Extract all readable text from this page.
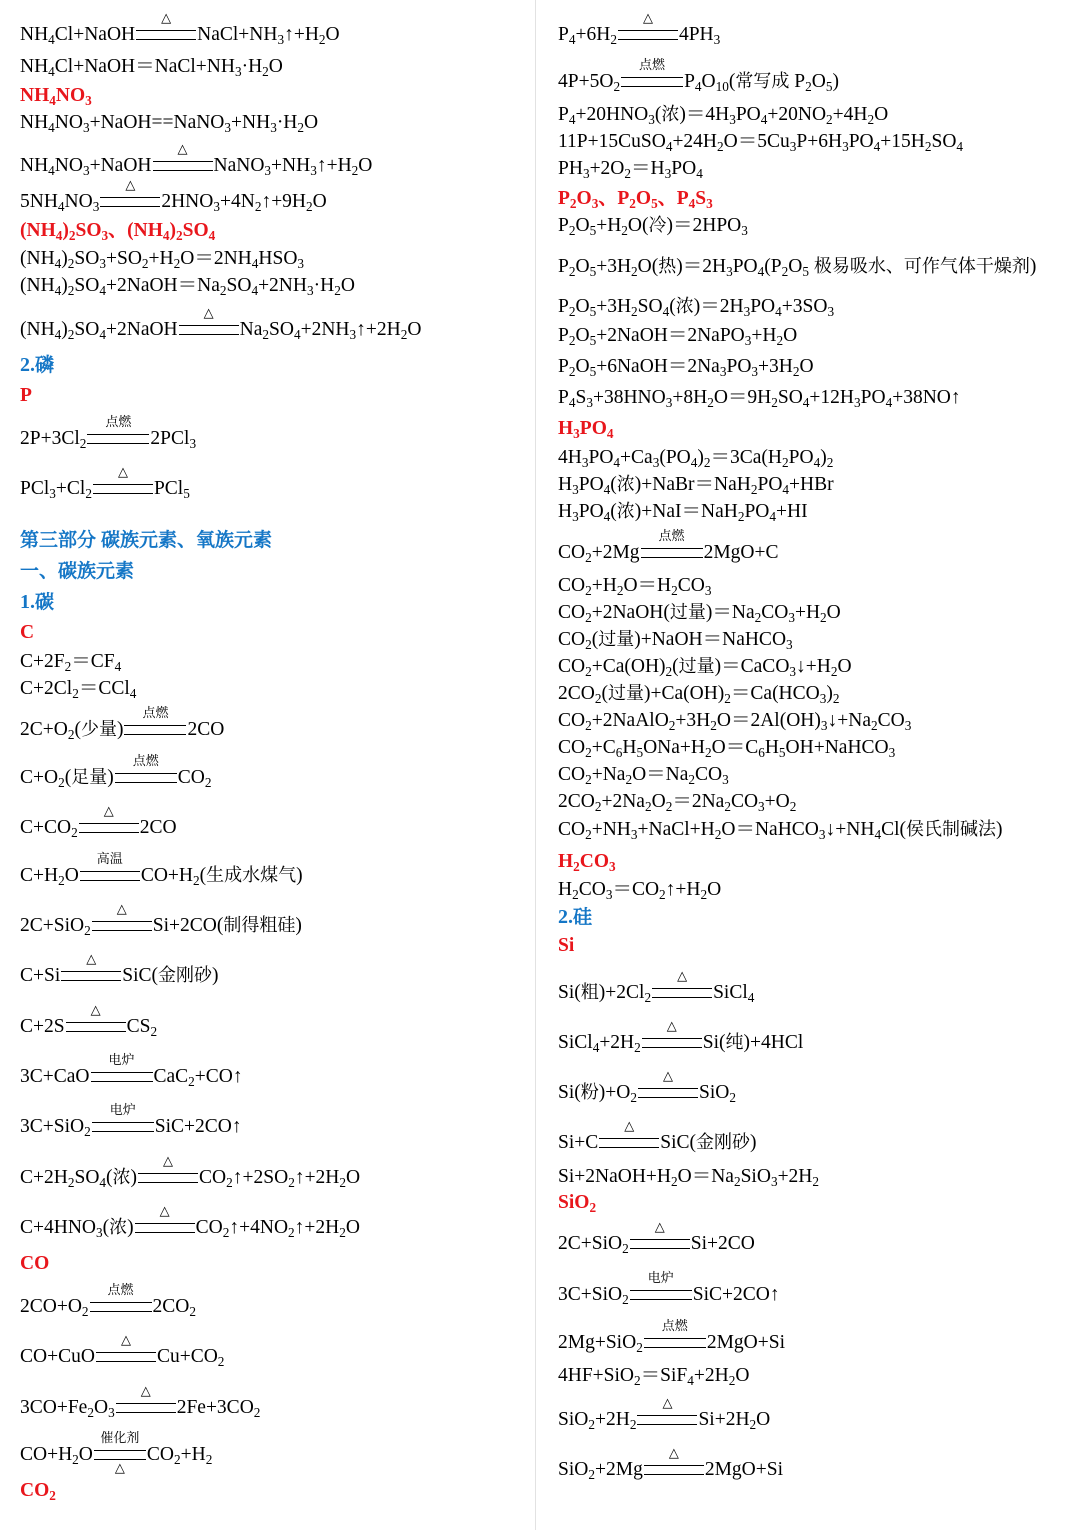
$NH_4Cl+NaOH$
△
$NaCl+NH_3↑+H_2O$
$NH_4Cl+NaOH=NaCl+NH_3\cdot H_2O$
$NH_4NO_3$
$NH_4NO_3+NaOH==NaNO_3+NH_3\cdot H_2O$
$NH_4NO_3+NaOH$
△
$NaNO_3+NH_3↑+H_2O$
$5NH_4NO_3$
△
$2HNO_3+4N_2↑+9H_2O$
$(NH_4)_2SO_3$、$(NH_4)_2SO_4$
$(NH_4)_2SO_3+SO_2+H_2O=2NH_4HSO_3$
$(NH_4)_2SO_4+2NaOH=Na_2SO_4+2NH_3\cdot H_2O$
$(NH_4)_2SO_4+2NaOH$
△
$Na_2SO_4+2NH_3↑+2H_2O$
2.磷
P
$2P+3Cl_2$
点燃
2PCl$_3$
$PCl_3+Cl_2$
△
PCl$_5$
第三部分 碳族元素、氧族元素
一、碳族元素
1.碳
C
$C+2F_2=CF_4$
$C+2Cl_2=CCl_4$
$2C+O_2$(少量)
点燃
2CO
$C+O_2$(足量)
点燃
$CO_2$
$C+CO_2$
△
2CO
$C+H_2O$
高温
$CO+H_2$(生成水煤气)
2C+SiO$_2$
△
Si+2CO(制得粗硅)
C+Si
△
SiC(金刚砂)
C+2S
△
$CS_2$
3C+CaO
电炉
CaC$_2$+CO↑
3C+SiO$_2$
电炉
SiC+2CO↑
$C+2H_2SO_4$(浓)
△
$CO_2↑+2SO_2↑+2H_2O$
$C+4HNO_3$(浓)
△
$CO_2↑+4NO_2↑+2H_2O$
CO
$2CO+O_2$
点燃
$2CO_2$
CO+CuO
△
$Cu+CO_2$
$3CO+Fe_2O_3$
△
$2Fe+3CO_2$
$CO+H_2O$
催化剂
△
$CO_2+H_2$
$CO_2$
$P_4+6H_2$
△
$4PH_3$
$4P+5O_2$
点燃
$P_4O_{10}$(常写成 $P_2O_5$)
$P_4+20HNO_3$(浓)$=4H_3PO_4+20NO_2+4H_2O$
$11P+15CuSO_4+24H_2O=5Cu_3P+6H_3PO_4+15H_2SO_4$
$PH_3+2O_2=H_3PO_4$
$P_2O_3$、$P_2O_5$、$P_4S_3$
$P_2O_5+H_2O$(冷)$=2HPO_3$
$P_2O_5+3H_2O$(热)$=2H_3PO_4(P_2O_5$ 极易吸水、可作气体干燥剂)
$P_2O_5+3H_2SO_4$(浓)$=2H_3PO_4+3SO_3$
$P_2O_5+2NaOH=2NaPO_3+H_2O$
$P_2O_5+6NaOH=2Na_3PO_3+3H_2O$
$P_4S_3+38HNO_3+8H_2O=9H_2SO_4+12H_3PO_4+38NO↑$
$H_3PO_4$
$4H_3PO_4+Ca_3(PO_4)_2=3Ca(H_2PO_4)_2$
$H_3PO_4$(浓)$+NaBr=NaH_2PO_4+HBr$
$H_3PO_4$(浓)$+NaI=NaH_2PO_4+HI$
$CO_2+2Mg$
点燃
2MgO+C
$CO_2+H_2O=H_2CO_3$
$CO_2+2NaOH$(过量)$=Na_2CO_3+H_2O$
$CO_2$(过量)+NaOH＝NaHCO$_3$
$CO_2+Ca(OH)_2$(过量)$=CaCO_3↓+H_2O$
$2CO_2$(过量)$+Ca(OH)_2=Ca(HCO_3)_2$
$CO_2+2NaAlO_2+3H_2O=2Al(OH)_3↓+Na_2CO_3$
$CO_2+C_6H_5ONa+H_2O=C_6H_5OH+NaHCO_3$
$CO_2+Na_2O=Na_2CO_3$
$2CO_2+2Na_2O_2=2Na_2CO_3+O_2$
$CO_2+NH_3+NaCl+H_2O=NaHCO_3↓+NH_4Cl$(侯氏制碱法)
$H_2CO_3$
$H_2CO_3=CO_2↑+H_2O$
2.硅
Si
Si(粗)$+2Cl_2$
△
SiCl$_4$
$SiCl_4+2H_2$
△
Si(纯)+4HCl
Si(粉)$+O_2$
△
SiO$_2$
Si+C
△
SiC(金刚砂)
$Si+2NaOH+H_2O=Na_2SiO_3+2H_2$
SiO$_2$
2C+SiO$_2$
△
Si+2CO
3C+SiO$_2$
电炉
SiC+2CO↑
2Mg+SiO$_2$
点燃
2MgO+Si
$4HF+SiO_2=SiF_4+2H_2O$
$SiO_2+2H_2$
△
$Si+2H_2O$
SiO$_2$+2Mg
△
2MgO+Si
